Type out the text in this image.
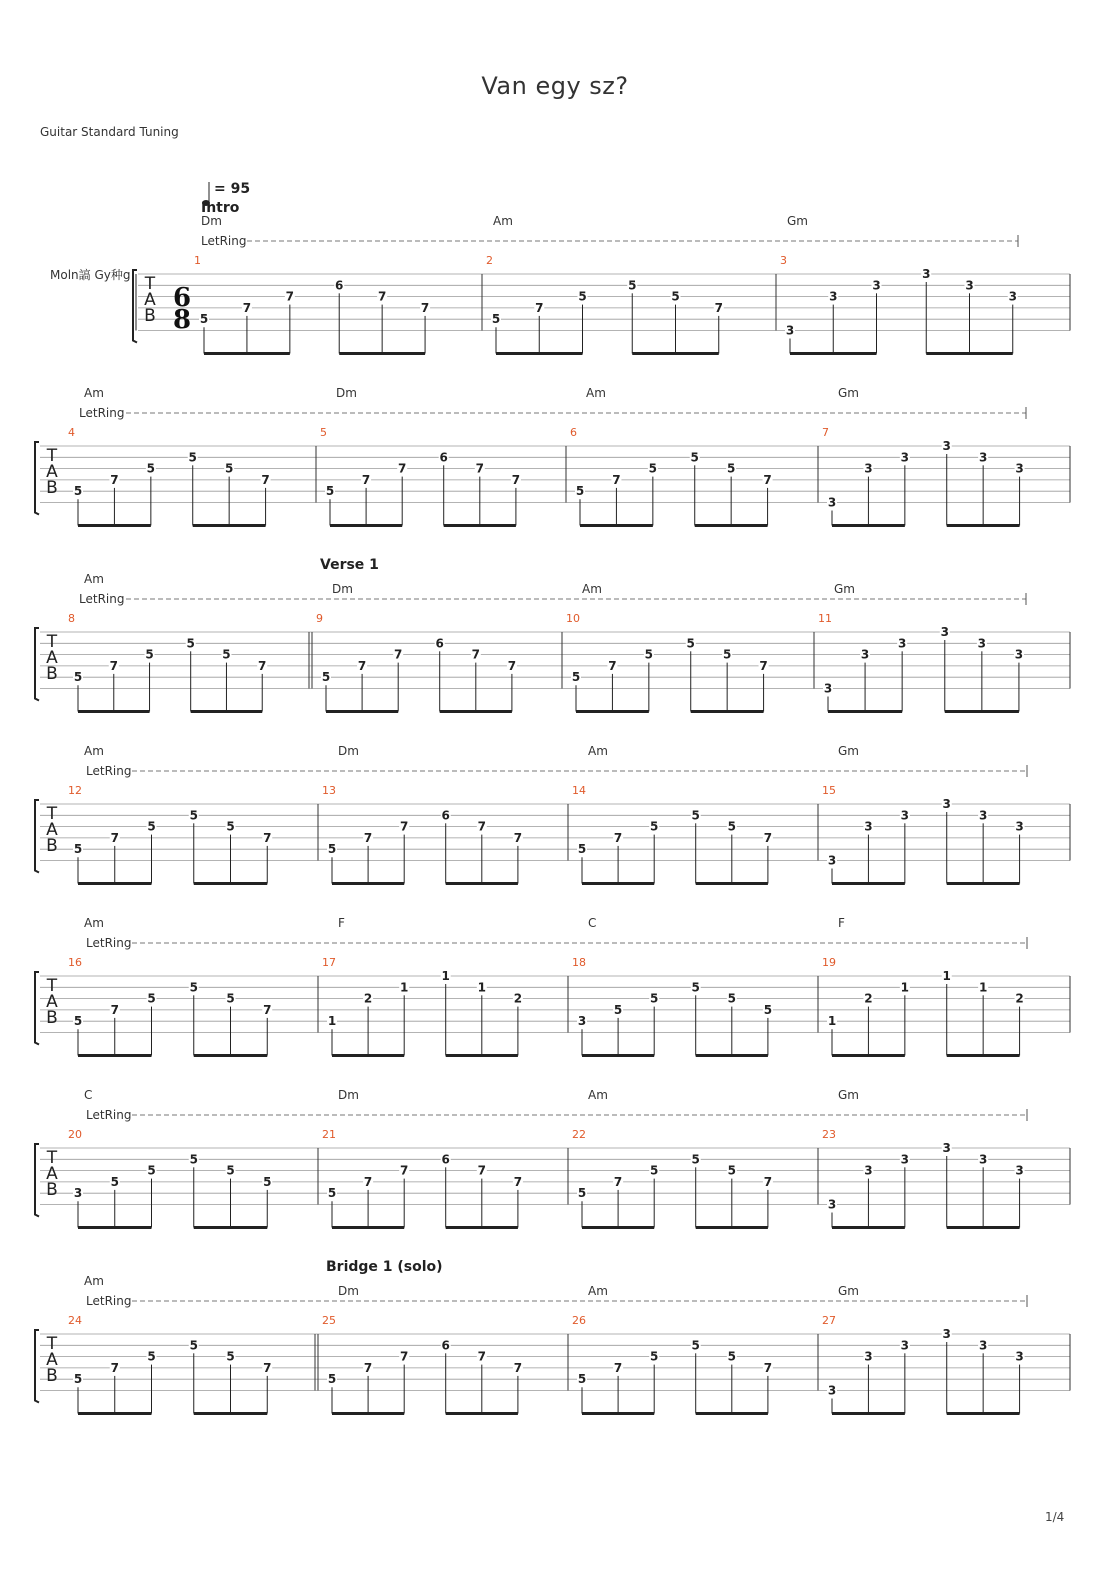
Van egy sz?
Guitar Standard Tuning
Moln謞 Gy种g T
A
B
6
8
LetRing
= 95
Intro
1
Dm
5
7
7
6
7
7
2
Am
5
7
5
5
5
7
3
Gm
3
3
3
3
3
3
T
A
B
LetRing
4
Am
5
7
5
5
5
7
5
Dm
5
7
7
6
7
7
6
Am
5
7
5
5
5
7
7
Gm
3
3
3
3
3
3
T
A
B
LetRing
Verse 1
8
Am
5
7
5
5
5
7
9
Dm
5
7
7
6
7
7
10
Am
5
7
5
5
5
7
11
Gm
3
3
3
3
3
3
T
A
B
LetRing
12
Am
5
7
5
5
5
7
13
Dm
5
7
7
6
7
7
14
Am
5
7
5
5
5
7
15
Gm
3
3
3
3
3
3
T
A
B
LetRing
16
Am
5
7
5
5
5
7
17
F
1
2
1
1
1
2
18
C
3
5
5
5
5
5
19
F
1
2
1
1
1
2
T
A
B
LetRing
20
C
3
5
5
5
5
5
21
Dm
5
7
7
6
7
7
22
Am
5
7
5
5
5
7
23
Gm
3
3
3
3
3
3
T
A
B
LetRing
Bridge 1 (solo)
24
Am
5
7
5
5
5
7
25
Dm
5
7
7
6
7
7
26
Am
5
7
5
5
5
7
27
Gm
3
3
3
3
3
3
1/4
